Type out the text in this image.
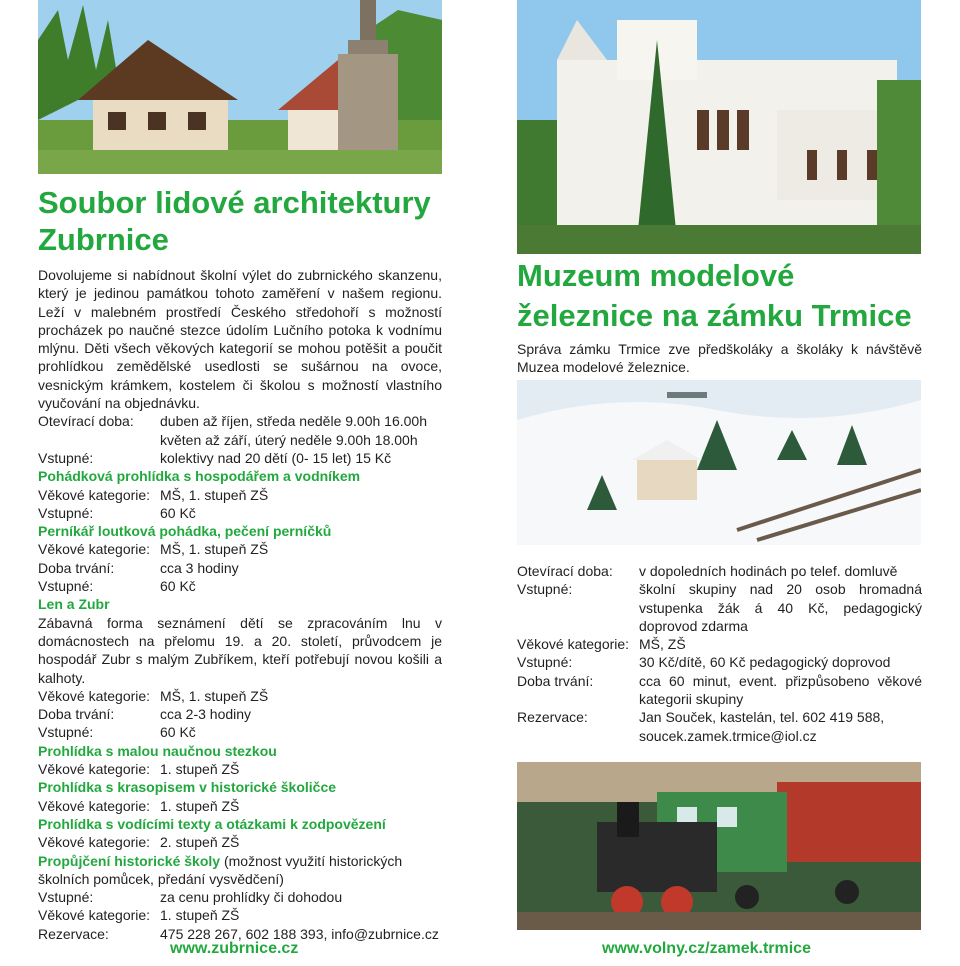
Soubor lidové architektury
Zubrnice

Dovolujeme si nabídnout školní výlet do zubrnického skanzenu, který je jedinou památkou tohoto zaměření v našem regionu. Leží v malebném prostředí Českého středohoří s možností procházek po naučné stezce údolím Lučního potoka k vodnímu mlýnu. Děti všech věkových kategorií se mohou potěšit a poučit prohlídkou zemědělské usedlosti se sušárnou na ovoce, vesnickým krámkem, kostelem či školou s možností vlastního vyučování na objednávku.

Otevírací doba:	duben až říjen, středa neděle 9.00h 16.00h
květen až září, úterý neděle 9.00h 18.00h
Vstupné:	kolektivy nad 20 dětí (0- 15 let) 15 Kč
Pohádková prohlídka s hospodářem a vodníkem
Věkové kategorie: MŠ, 1. stupeň ZŠ
Vstupné:	60 Kč
Perníkář loutková pohádka, pečení perníčků
Věkové kategorie: MŠ, 1. stupeň ZŠ
Doba trvání:	cca 3 hodiny
Vstupné:	60 Kč
Len a Zubr

Zábavná forma seznámení dětí se zpracováním lnu v domácnostech na přelomu 19. a 20. století, průvodcem je hospodář Zubr s malým Zubříkem, kteří potřebují novou košili a kalhoty.

Věkové kategorie: MŠ, 1. stupeň ZŠ
Doba trvání:	cca 2-3 hodiny
Vstupné:	60 Kč
Prohlídka s malou naučnou stezkou
Věkové kategorie: 1. stupeň ZŠ
Prohlídka s krasopisem v historické školičce
Věkové kategorie: 1. stupeň ZŠ
Prohlídka s vodícími texty a otázkami k zodpovězení
Věkové kategorie: 2. stupeň ZŠ

Propůjčení historické školy (možnost využití historických školních pomůcek, předání vysvědčení)

Vstupné:	za cenu prohlídky či dohodou
Věkové kategorie: 1. stupeň ZŠ
Rezervace:	475 228 267, 602 188 393, info@zubrnice.cz
www.zubrnice.cz
Muzeum modelové
železnice na zámku Trmice

Správa zámku Trmice zve předškoláky a školáky k návštěvě Muzea modelové železnice.

Otevírací doba:	v dopoledních hodinách po telef. domluvě
Vstupné:	školní skupiny nad 20 osob hromadná vstupenka žák á 40 Kč, pedagogický doprovod zdarma
Věkové kategorie: MŠ, ZŠ
Vstupné:	30 Kč/dítě, 60 Kč pedagogický doprovod
Doba trvání:	cca 60 minut, event. přizpůsobeno věkové kategorii skupiny
Rezervace:	Jan Souček, kastelán, tel. 602 419 588,
soucek.zamek.trmice@iol.cz
www.volny.cz/zamek.trmice
